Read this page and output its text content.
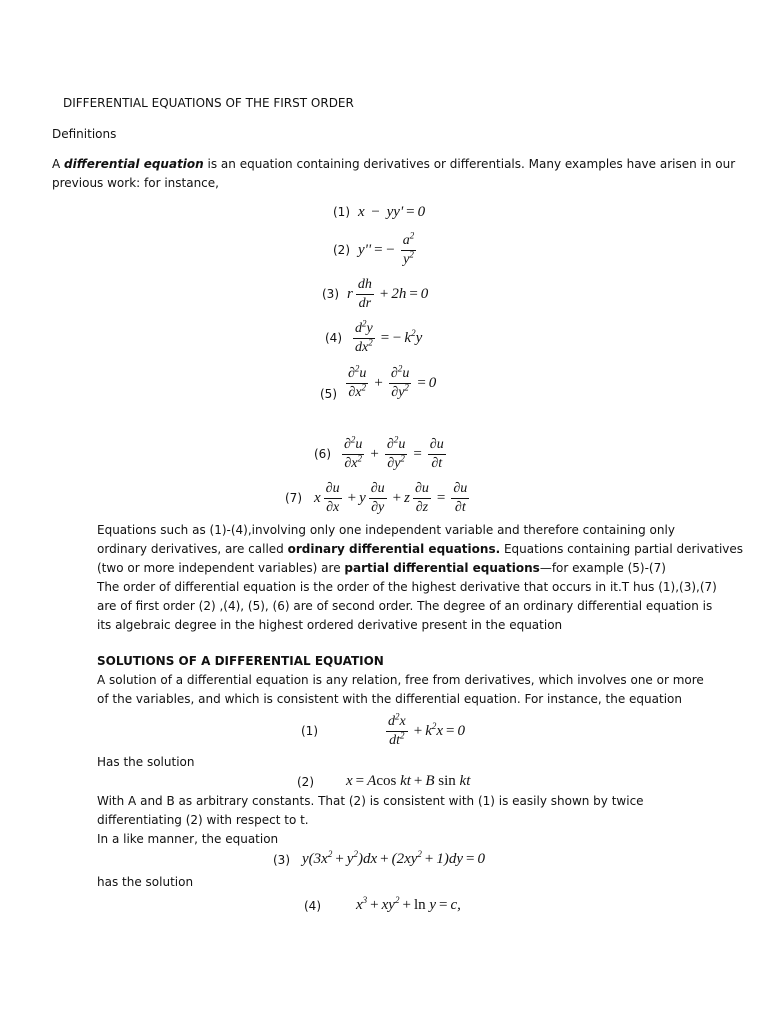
DIFFERENTIAL EQUATIONS OF THE FIRST ORDER
Definitions
A differential equation is an equation containing derivatives or differentials. Many examples have arisen in our
previous work: for instance,
(1) x − yy' = 0
(2) y'' = − $\frac{a^2}{y^2}$
(3) r $\frac{dh}{dr} + 2h = 0$
$(4) \frac{d^2y}{dx^2}$ = − $k^2y$
$\frac{\partial^2u}{\partial x^2} + \frac{\partial^2u}{\partial y^2} = 0$
(5)
$(6) \frac{\partial^2u}{\partial x^2} + \frac{\partial^2u}{\partial y^2} = \frac{\partial u}{\partial t}$
(7) x $\frac{\partial u}{\partial x} + y \frac{\partial u}{\partial y} + z \frac{\partial u}{\partial z} = \frac{\partial u}{\partial t}$
Equations such as (1)-(4),involving only one independent variable and therefore containing only
ordinary derivatives, are called ordinary differential equations. Equations containing partial derivatives
(two or more independent variables) are partial differential equations—for example (5)-(7)
The order of differential equation is the order of the highest derivative that occurs in it.T hus (1),(3),(7)
are of first order (2) ,(4), (5), (6) are of second order. The degree of an ordinary differential equation is
its algebraic degree in the highest ordered derivative present in the equation
SOLUTIONS OF A DIFFERENTIAL EQUATION
A solution of a differential equation is any relation, free from derivatives, which involves one or more
of the variables, and which is consistent with the differential equation. For instance, the equation
(1)	$\frac{d^2x}{dt^2} + k^2x = 0$
Has the solution
(2) x = Acos kt + B sin kt
With A and B as arbitrary constants. That (2) is consistent with (1) is easily shown by twice
differentiating (2) with respect to t.
In a like manner, the equation
(3) $y(3x^2 + y^2)dx + (2xy^2 + 1)dy = 0$
has the solution
(4) $x^3 + xy^2 + \ln y = c$,
